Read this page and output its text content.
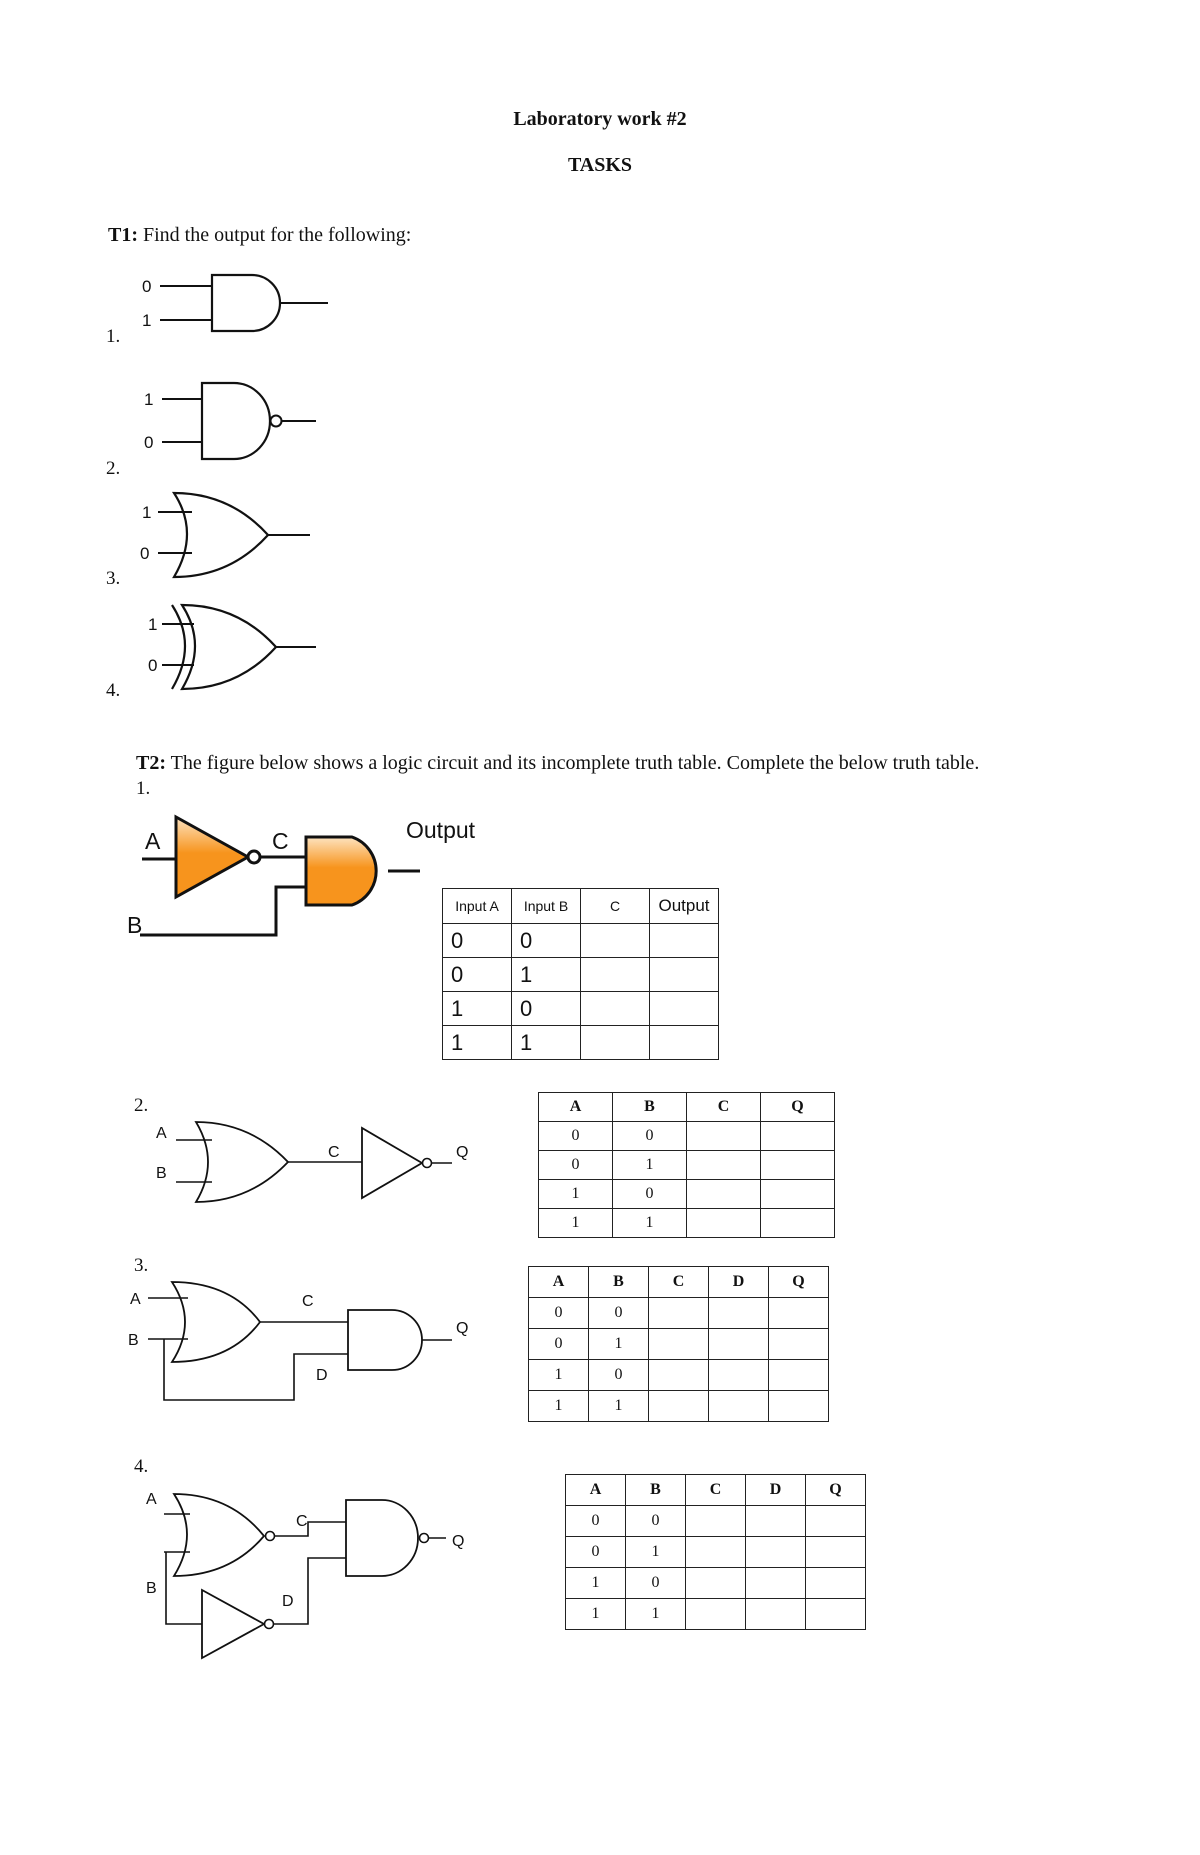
Laboratory work #2
TASKS
T1: Find the output for the following:
1.
2.
3.
4.
0
1
1
0
1
0
1
0
T2: The figure below shows a logic circuit and its incomplete truth table. Complete the below truth table.
1.
A	C	Output
B
Input A	Input B	C	Output
0	0		
0	1		
1	0		
1	1		
2.
A
B
C	Q
A	B	C	Q
0	0		
0	1		
1	0		
1	1		
3.
A
B
C
D
Q
A	B	C	D	Q
0	0			
0	1			
1	0			
1	1			
4.
A
B
C
D
Q
A	B	C	D	Q
0	0			
0	1			
1	0			
1	1			
